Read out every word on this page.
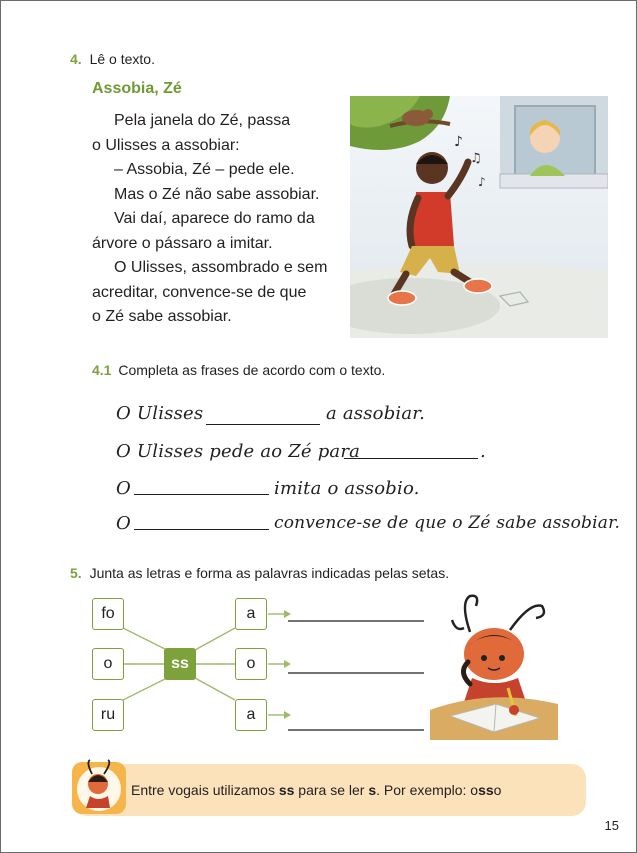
4. Lê o texto.
Assobia, Zé
Pela janela do Zé, passa
o Ulisses a assobiar:
– Assobia, Zé – pede ele.
Mas o Zé não sabe assobiar.
Vai daí, aparece do ramo da
árvore o pássaro a imitar.
O Ulisses, assombrado e sem
acreditar, convence-se de que
o Zé sabe assobiar.
♪
♫
♪
4.1 Completa as frases de acordo com o texto.
O Ulisses	a assobiar.
O Ulisses pede ao Zé para	.
O	imita o assobio.
O	convence-se de que o Zé sabe assobiar.
5. Junta as letras e forma as palavras indicadas pelas setas.
fo
o
ru
ss
a
o
a
Entre vogais utilizamos ss para se ler s. Por exemplo: osso
15
